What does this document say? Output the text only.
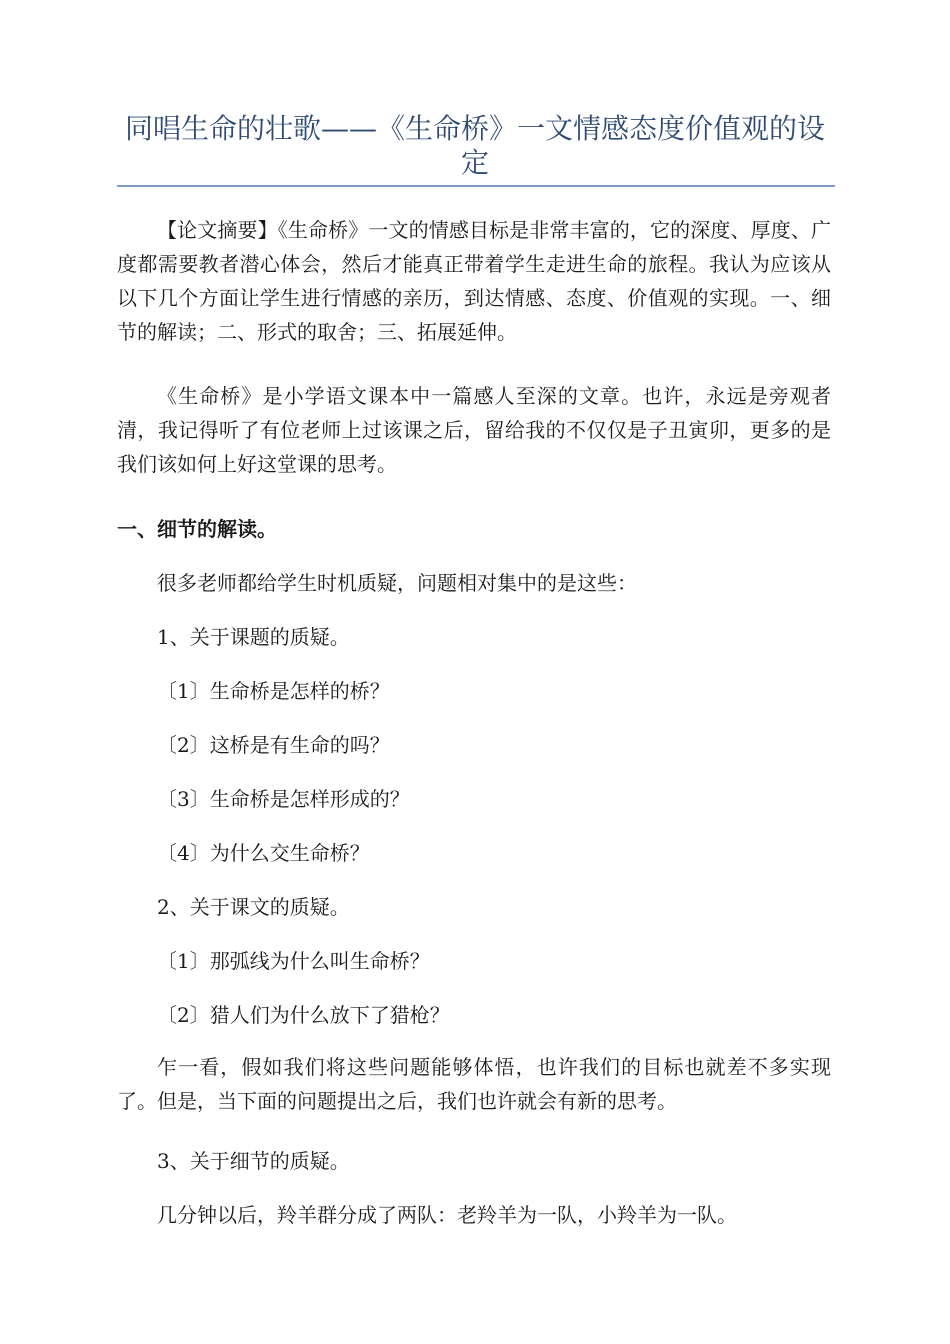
同唱生命的壮歌——《生命桥》一文情感态度价值观的设定

【论文摘要】《生命桥》一文的情感目标是非常丰富的，它的深度、厚度、广度都需要教者潜心体会，然后才能真正带着学生走进生命的旅程。我认为应该从以下几个方面让学生进行情感的亲历，到达情感、态度、价值观的实现。一、细节的解读；二、形式的取舍；三、拓展延伸。

《生命桥》是小学语文课本中一篇感人至深的文章。也许，永远是旁观者清，我记得听了有位老师上过该课之后，留给我的不仅仅是子丑寅卯，更多的是我们该如何上好这堂课的思考。

一、细节的解读。
很多老师都给学生时机质疑，问题相对集中的是这些：
1、关于课题的质疑。
〔1〕生命桥是怎样的桥？
〔2〕这桥是有生命的吗？
〔3〕生命桥是怎样形成的？
〔4〕为什么交生命桥？
2、关于课文的质疑。
〔1〕那弧线为什么叫生命桥？
〔2〕猎人们为什么放下了猎枪？

乍一看，假如我们将这些问题能够体悟，也许我们的目标也就差不多实现了。但是，当下面的问题提出之后，我们也许就会有新的思考。

3、关于细节的质疑。

几分钟以后，羚羊群分成了两队：老羚羊为一队，小羚羊为一队。
